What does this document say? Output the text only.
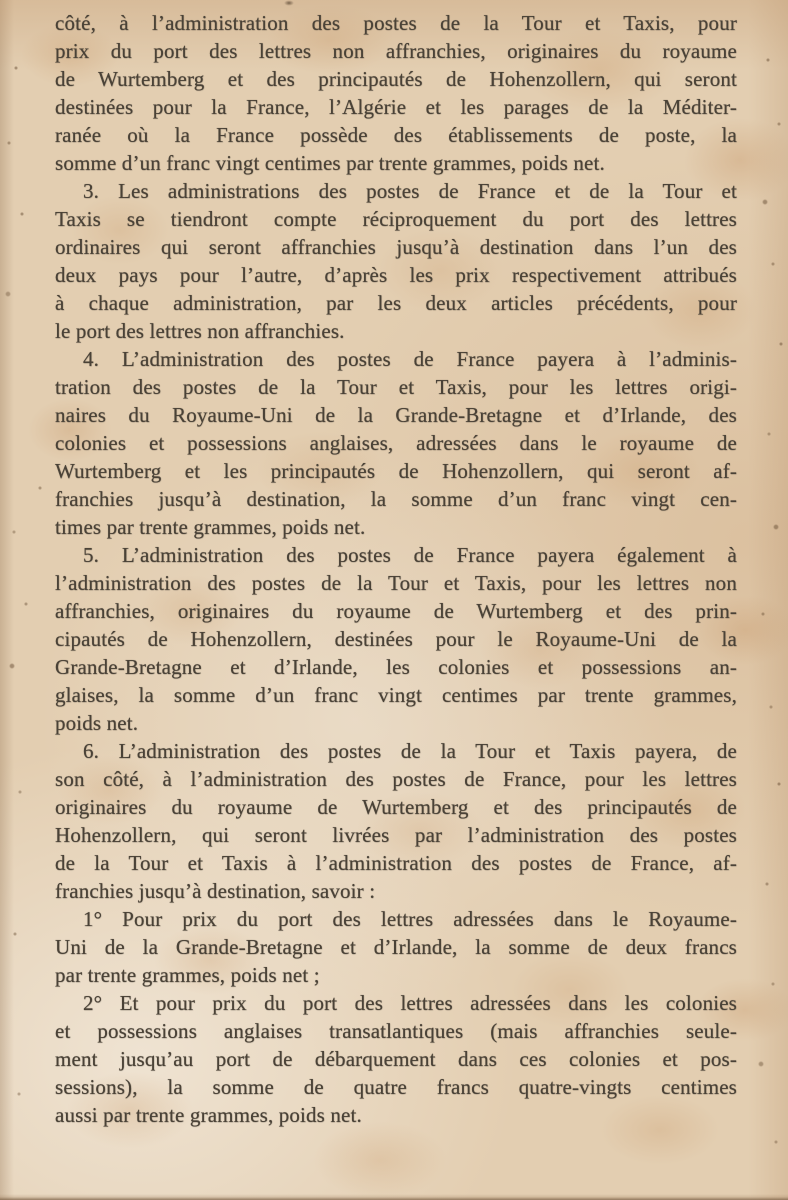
côté, à l’administration des postes de la Tour et Taxis, pour
prix du port des lettres non affranchies, originaires du royaume
de Wurtemberg et des principautés de Hohenzollern, qui seront
destinées pour la France, l’Algérie et les parages de la Méditer-
ranée où la France possède des établissements de poste, la
somme d’un franc vingt centimes par trente grammes, poids net.
3. Les administrations des postes de France et de la Tour et
Taxis se tiendront compte réciproquement du port des lettres
ordinaires qui seront affranchies jusqu’à destination dans l’un des
deux pays pour l’autre, d’après les prix respectivement attribués
à chaque administration, par les deux articles précédents, pour
le port des lettres non affranchies.
4. L’administration des postes de France payera à l’adminis-
tration des postes de la Tour et Taxis, pour les lettres origi-
naires du Royaume-Uni de la Grande-Bretagne et d’Irlande, des
colonies et possessions anglaises, adressées dans le royaume de
Wurtemberg et les principautés de Hohenzollern, qui seront af-
franchies jusqu’à destination, la somme d’un franc vingt cen-
times par trente grammes, poids net.
5. L’administration des postes de France payera également à
l’administration des postes de la Tour et Taxis, pour les lettres non
affranchies, originaires du royaume de Wurtemberg et des prin-
cipautés de Hohenzollern, destinées pour le Royaume-Uni de la
Grande-Bretagne et d’Irlande, les colonies et possessions an-
glaises, la somme d’un franc vingt centimes par trente grammes,
poids net.
6. L’administration des postes de la Tour et Taxis payera, de
son côté, à l’administration des postes de France, pour les lettres
originaires du royaume de Wurtemberg et des principautés de
Hohenzollern, qui seront livrées par l’administration des postes
de la Tour et Taxis à l’administration des postes de France, af-
franchies jusqu’à destination, savoir :
1° Pour prix du port des lettres adressées dans le Royaume-
Uni de la Grande-Bretagne et d’Irlande, la somme de deux francs
par trente grammes, poids net ;
2° Et pour prix du port des lettres adressées dans les colonies
et possessions anglaises transatlantiques (mais affranchies seule-
ment jusqu’au port de débarquement dans ces colonies et pos-
sessions), la somme de quatre francs quatre-vingts centimes
aussi par trente grammes, poids net.
